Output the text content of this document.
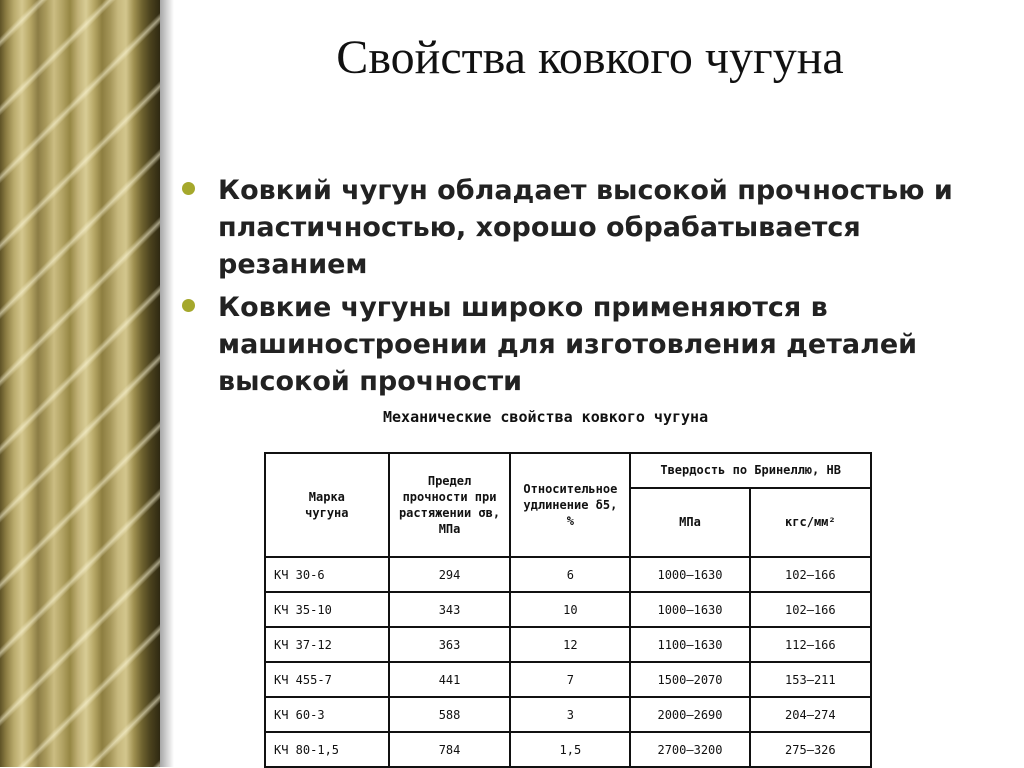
Свойства ковкого чугуна
Ковкий чугун обладает высокой прочностью и пластичностью, хорошо обрабатывается резанием
Ковкие чугуны широко применяются в машиностроении для изготовления деталей высокой прочности
Механические свойства ковкого чугуна
Марка чугуна	Предел прочности при растяжении σв, МПа	Относительное удлинение δ5, %	Твердость по Бринеллю, НВ	
			МПа	кгс/мм²
КЧ 30-6	294	6	1000–1630	102–166
КЧ 35-10	343	10	1000–1630	102–166
КЧ 37-12	363	12	1100–1630	112–166
КЧ 455-7	441	7	1500–2070	153–211
КЧ 60-3	588	3	2000–2690	204–274
КЧ 80-1,5	784	1,5	2700–3200	275–326
